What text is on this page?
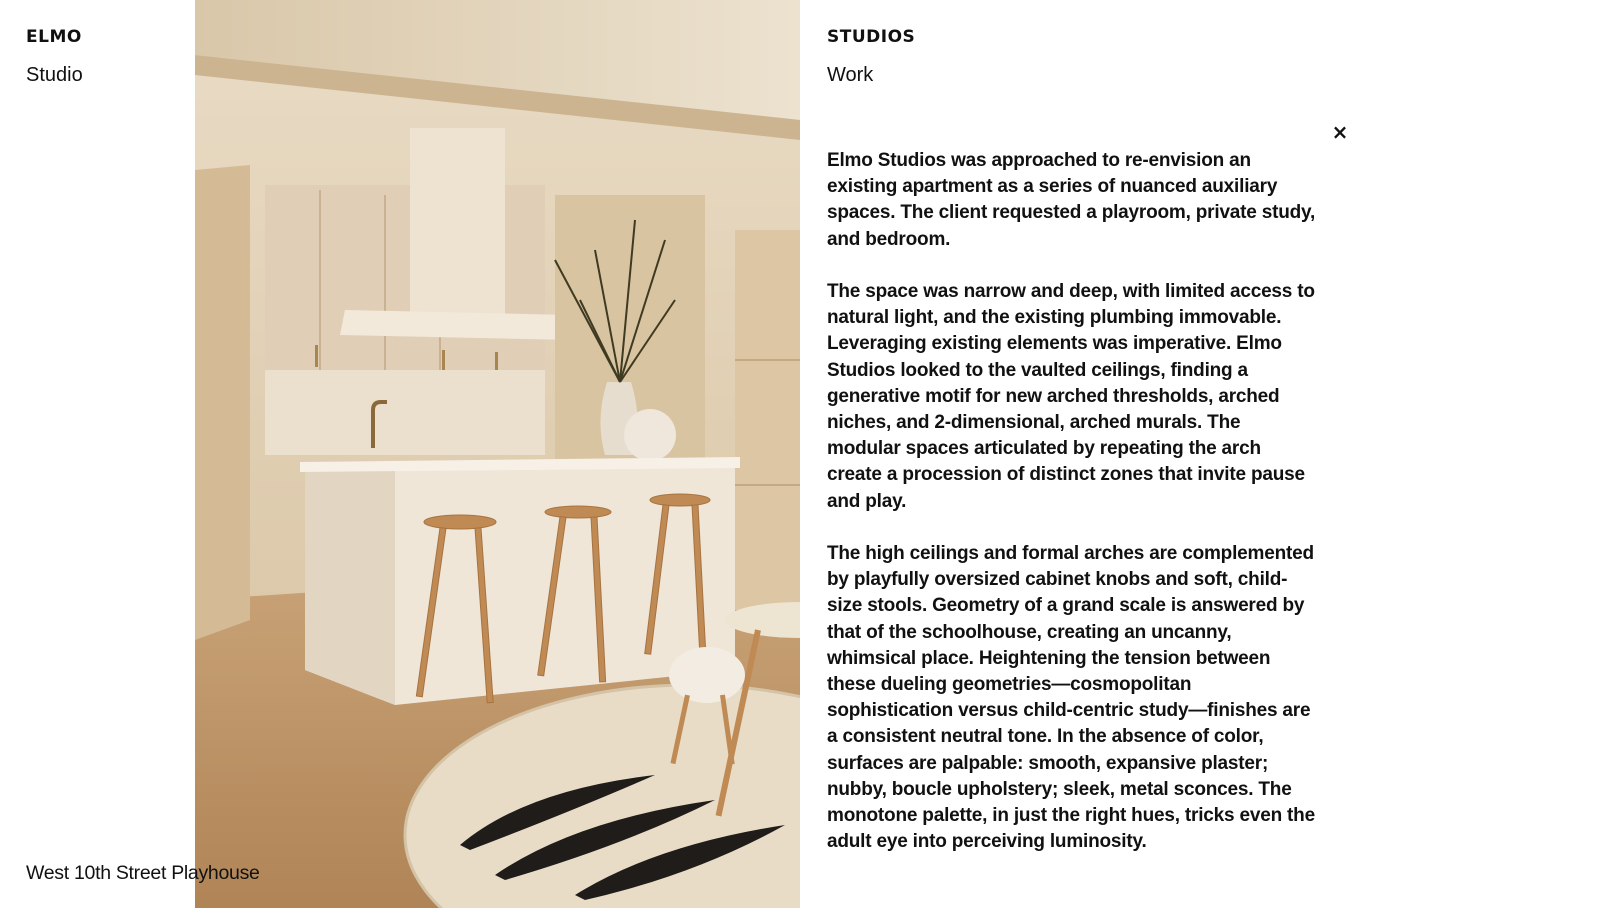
ELMO
Studio
West 10th Street Playhouse
STUDIOS
Work
×

Elmo Studios was approached to re-envision an existing apartment as a series of nuanced auxiliary spaces. The client requested a playroom, private study, and bedroom.

The space was narrow and deep, with limited access to natural light, and the existing plumbing immovable. Leveraging existing elements was imperative. Elmo Studios looked to the vaulted ceilings, finding a generative motif for new arched thresholds, arched niches, and 2-dimensional, arched murals. The modular spaces articulated by repeating the arch create a procession of distinct zones that invite pause and play.

The high ceilings and formal arches are complemented by playfully oversized cabinet knobs and soft, child-size stools. Geometry of a grand scale is answered by that of the schoolhouse, creating an uncanny, whimsical place. Heightening the tension between these dueling geometries—cosmopolitan sophistication versus child-centric study—finishes are a consistent neutral tone. In the absence of color, surfaces are palpable: smooth, expansive plaster; nubby, boucle upholstery; sleek, metal sconces. The monotone palette, in just the right hues, tricks even the adult eye into perceiving luminosity.
